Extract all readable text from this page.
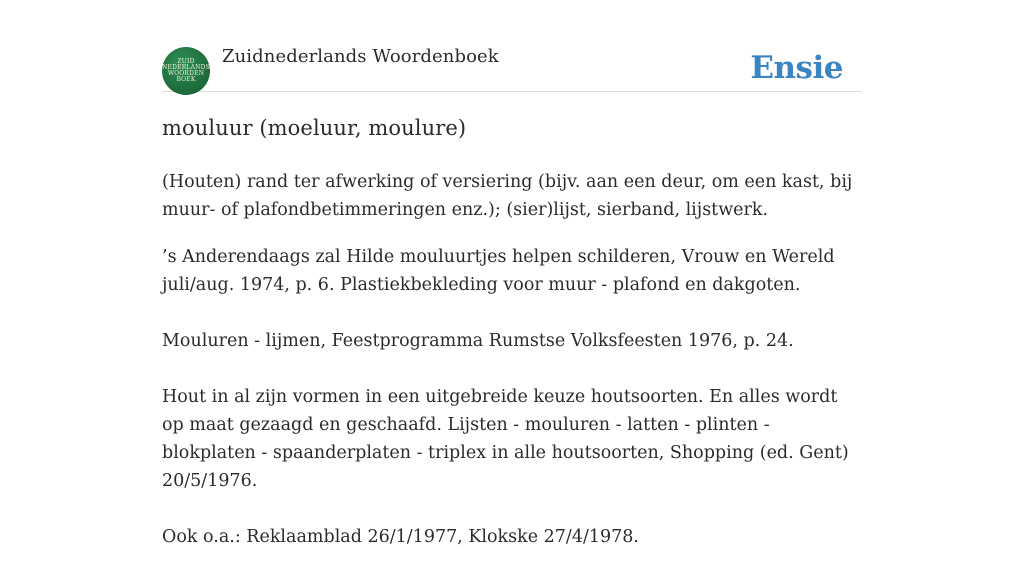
ZUID
NEDERLANDS
WOORDEN
BOEK
Zuidnederlands Woordenboek	Ensie
mouluur (moeluur, moulure)

(Houten) rand ter afwerking of versiering (bijv. aan een deur, om een kast, bij muur- of plafondbetimmeringen enz.); (sier)lijst, sierband, lijstwerk.

’s Anderendaags zal Hilde mouluurtjes helpen schilderen, Vrouw en Wereld juli/aug. 1974, p. 6. Plastiekbekleding voor muur - plafond en dakgoten.

Mouluren - lijmen, Feestprogramma Rumstse Volksfeesten 1976, p. 24.

Hout in al zijn vormen in een uitgebreide keuze houtsoorten. En alles wordt op maat gezaagd en geschaafd. Lijsten - mouluren - latten - plinten - blokplaten - spaanderplaten - triplex in alle houtsoorten, Shopping (ed. Gent) 20/5/1976.

Ook o.a.: Reklaamblad 26/1/1977, Klokske 27/4/1978.
